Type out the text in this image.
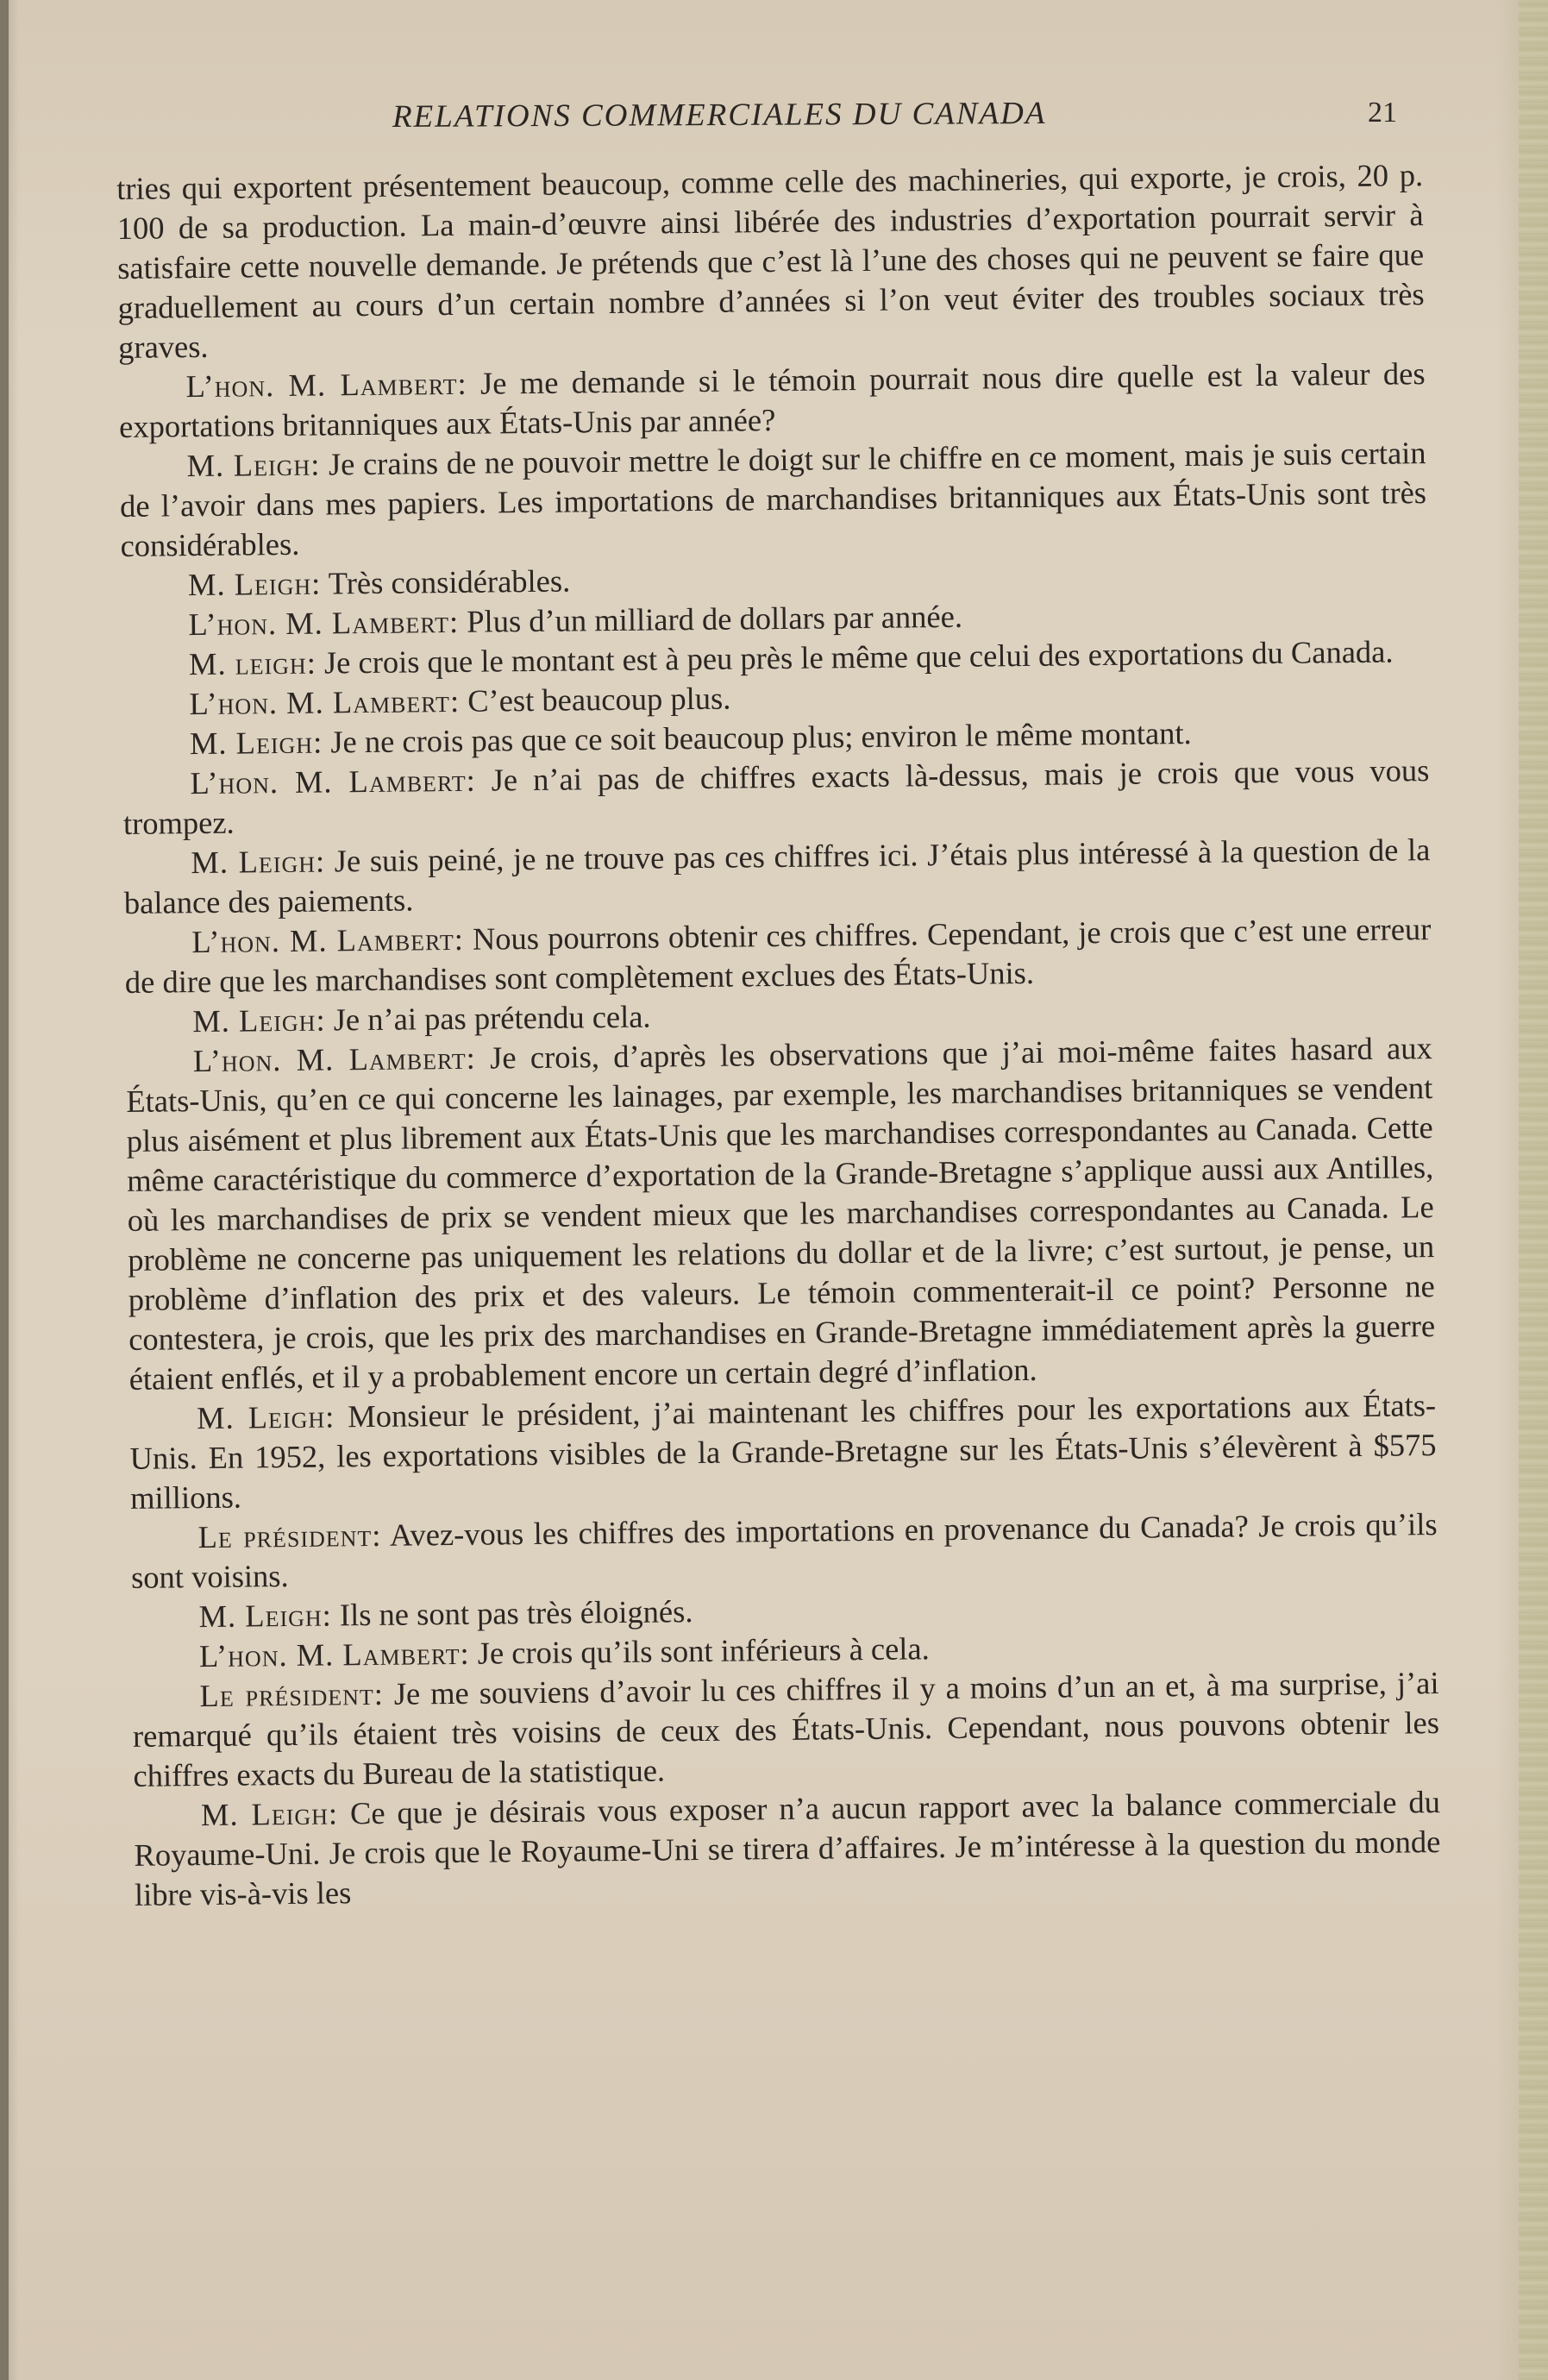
RELATIONS COMMERCIALES DU CANADA	21

tries qui exportent présentement beaucoup, comme celle des machineries, qui exporte, je crois, 20 p. 100 de sa production. La main-d’œuvre ainsi libérée des industries d’exportation pourrait servir à satisfaire cette nouvelle demande. Je prétends que c’est là l’une des choses qui ne peuvent se faire que graduellement au cours d’un certain nombre d’années si l’on veut éviter des troubles sociaux très graves.

L’hon. M. Lambert: Je me demande si le témoin pourrait nous dire quelle est la valeur des exportations britanniques aux États-Unis par année?

M. Leigh: Je crains de ne pouvoir mettre le doigt sur le chiffre en ce moment, mais je suis certain de l’avoir dans mes papiers. Les importations de marchandises britanniques aux États-Unis sont très considérables.

M. Leigh: Très considérables.

L’hon. M. Lambert: Plus d’un milliard de dollars par année.

M. leigh: Je crois que le montant est à peu près le même que celui des exportations du Canada.

L’hon. M. Lambert: C’est beaucoup plus.

M. Leigh: Je ne crois pas que ce soit beaucoup plus; environ le même montant.

L’hon. M. Lambert: Je n’ai pas de chiffres exacts là-dessus, mais je crois que vous vous trompez.

M. Leigh: Je suis peiné, je ne trouve pas ces chiffres ici. J’étais plus intéressé à la question de la balance des paiements.

L’hon. M. Lambert: Nous pourrons obtenir ces chiffres. Cependant, je crois que c’est une erreur de dire que les marchandises sont complètement exclues des États-Unis.

M. Leigh: Je n’ai pas prétendu cela.

L’hon. M. Lambert: Je crois, d’après les observations que j’ai moi-même faites hasard aux États-Unis, qu’en ce qui concerne les lainages, par exemple, les marchandises britanniques se vendent plus aisément et plus librement aux États-Unis que les marchandises correspondantes au Canada. Cette même caractéristique du commerce d’exportation de la Grande-Bretagne s’applique aussi aux Antilles, où les marchandises de prix se vendent mieux que les marchandises correspondantes au Canada. Le problème ne concerne pas uniquement les relations du dollar et de la livre; c’est surtout, je pense, un problème d’inflation des prix et des valeurs. Le témoin commenterait-il ce point? Personne ne contestera, je crois, que les prix des marchandises en Grande-Bretagne immédiatement après la guerre étaient enflés, et il y a probablement encore un certain degré d’inflation.

M. Leigh: Monsieur le président, j’ai maintenant les chiffres pour les exportations aux États-Unis. En 1952, les exportations visibles de la Grande-Bretagne sur les États-Unis s’élevèrent à $575 millions.

Le président: Avez-vous les chiffres des importations en provenance du Canada? Je crois qu’ils sont voisins.

M. Leigh: Ils ne sont pas très éloignés.

L’hon. M. Lambert: Je crois qu’ils sont inférieurs à cela.

Le président: Je me souviens d’avoir lu ces chiffres il y a moins d’un an et, à ma surprise, j’ai remarqué qu’ils étaient très voisins de ceux des États-Unis. Cependant, nous pouvons obtenir les chiffres exacts du Bureau de la statistique.

M. Leigh: Ce que je désirais vous exposer n’a aucun rapport avec la balance commerciale du Royaume-Uni. Je crois que le Royaume-Uni se tirera d’affaires. Je m’intéresse à la question du monde libre vis-à-vis les
